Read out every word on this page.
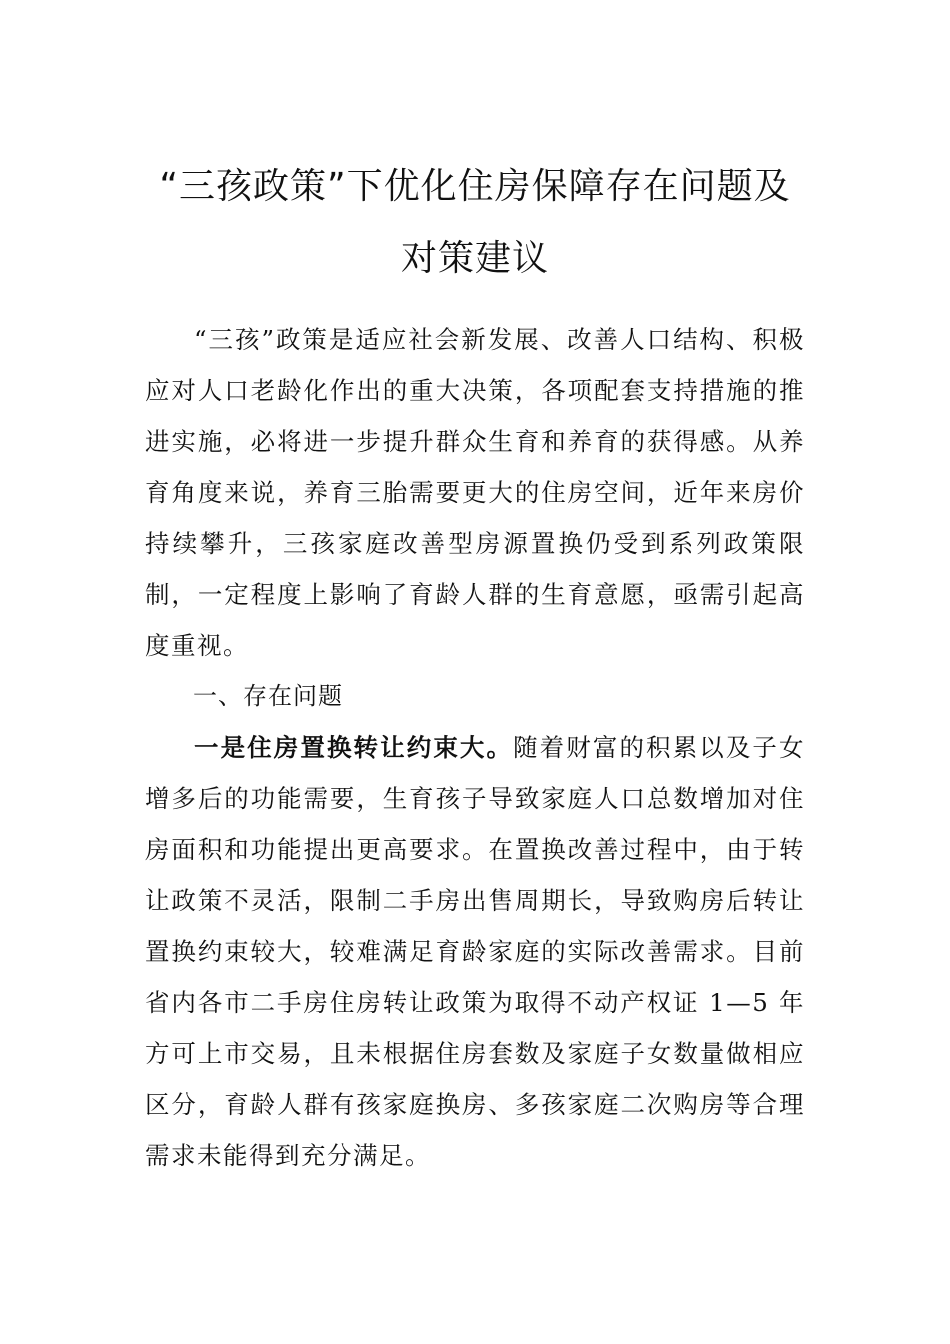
“三孩政策”下优化住房保障存在问题及
对策建议

“三孩”政策是适应社会新发展、改善人口结构、积极应对人口老龄化作出的重大决策，各项配套支持措施的推进实施，必将进一步提升群众生育和养育的获得感。从养育角度来说，养育三胎需要更大的住房空间，近年来房价持续攀升，三孩家庭改善型房源置换仍受到系列政策限制，一定程度上影响了育龄人群的生育意愿，亟需引起高度重视。

一、存在问题

一是住房置换转让约束大。随着财富的积累以及子女增多后的功能需要，生育孩子导致家庭人口总数增加对住房面积和功能提出更高要求。在置换改善过程中，由于转让政策不灵活，限制二手房出售周期长，导致购房后转让置换约束较大，较难满足育龄家庭的实际改善需求。目前省内各市二手房住房转让政策为取得不动产权证 1—5 年方可上市交易，且未根据住房套数及家庭子女数量做相应区分，育龄人群有孩家庭换房、多孩家庭二次购房等合理需求未能得到充分满足。
